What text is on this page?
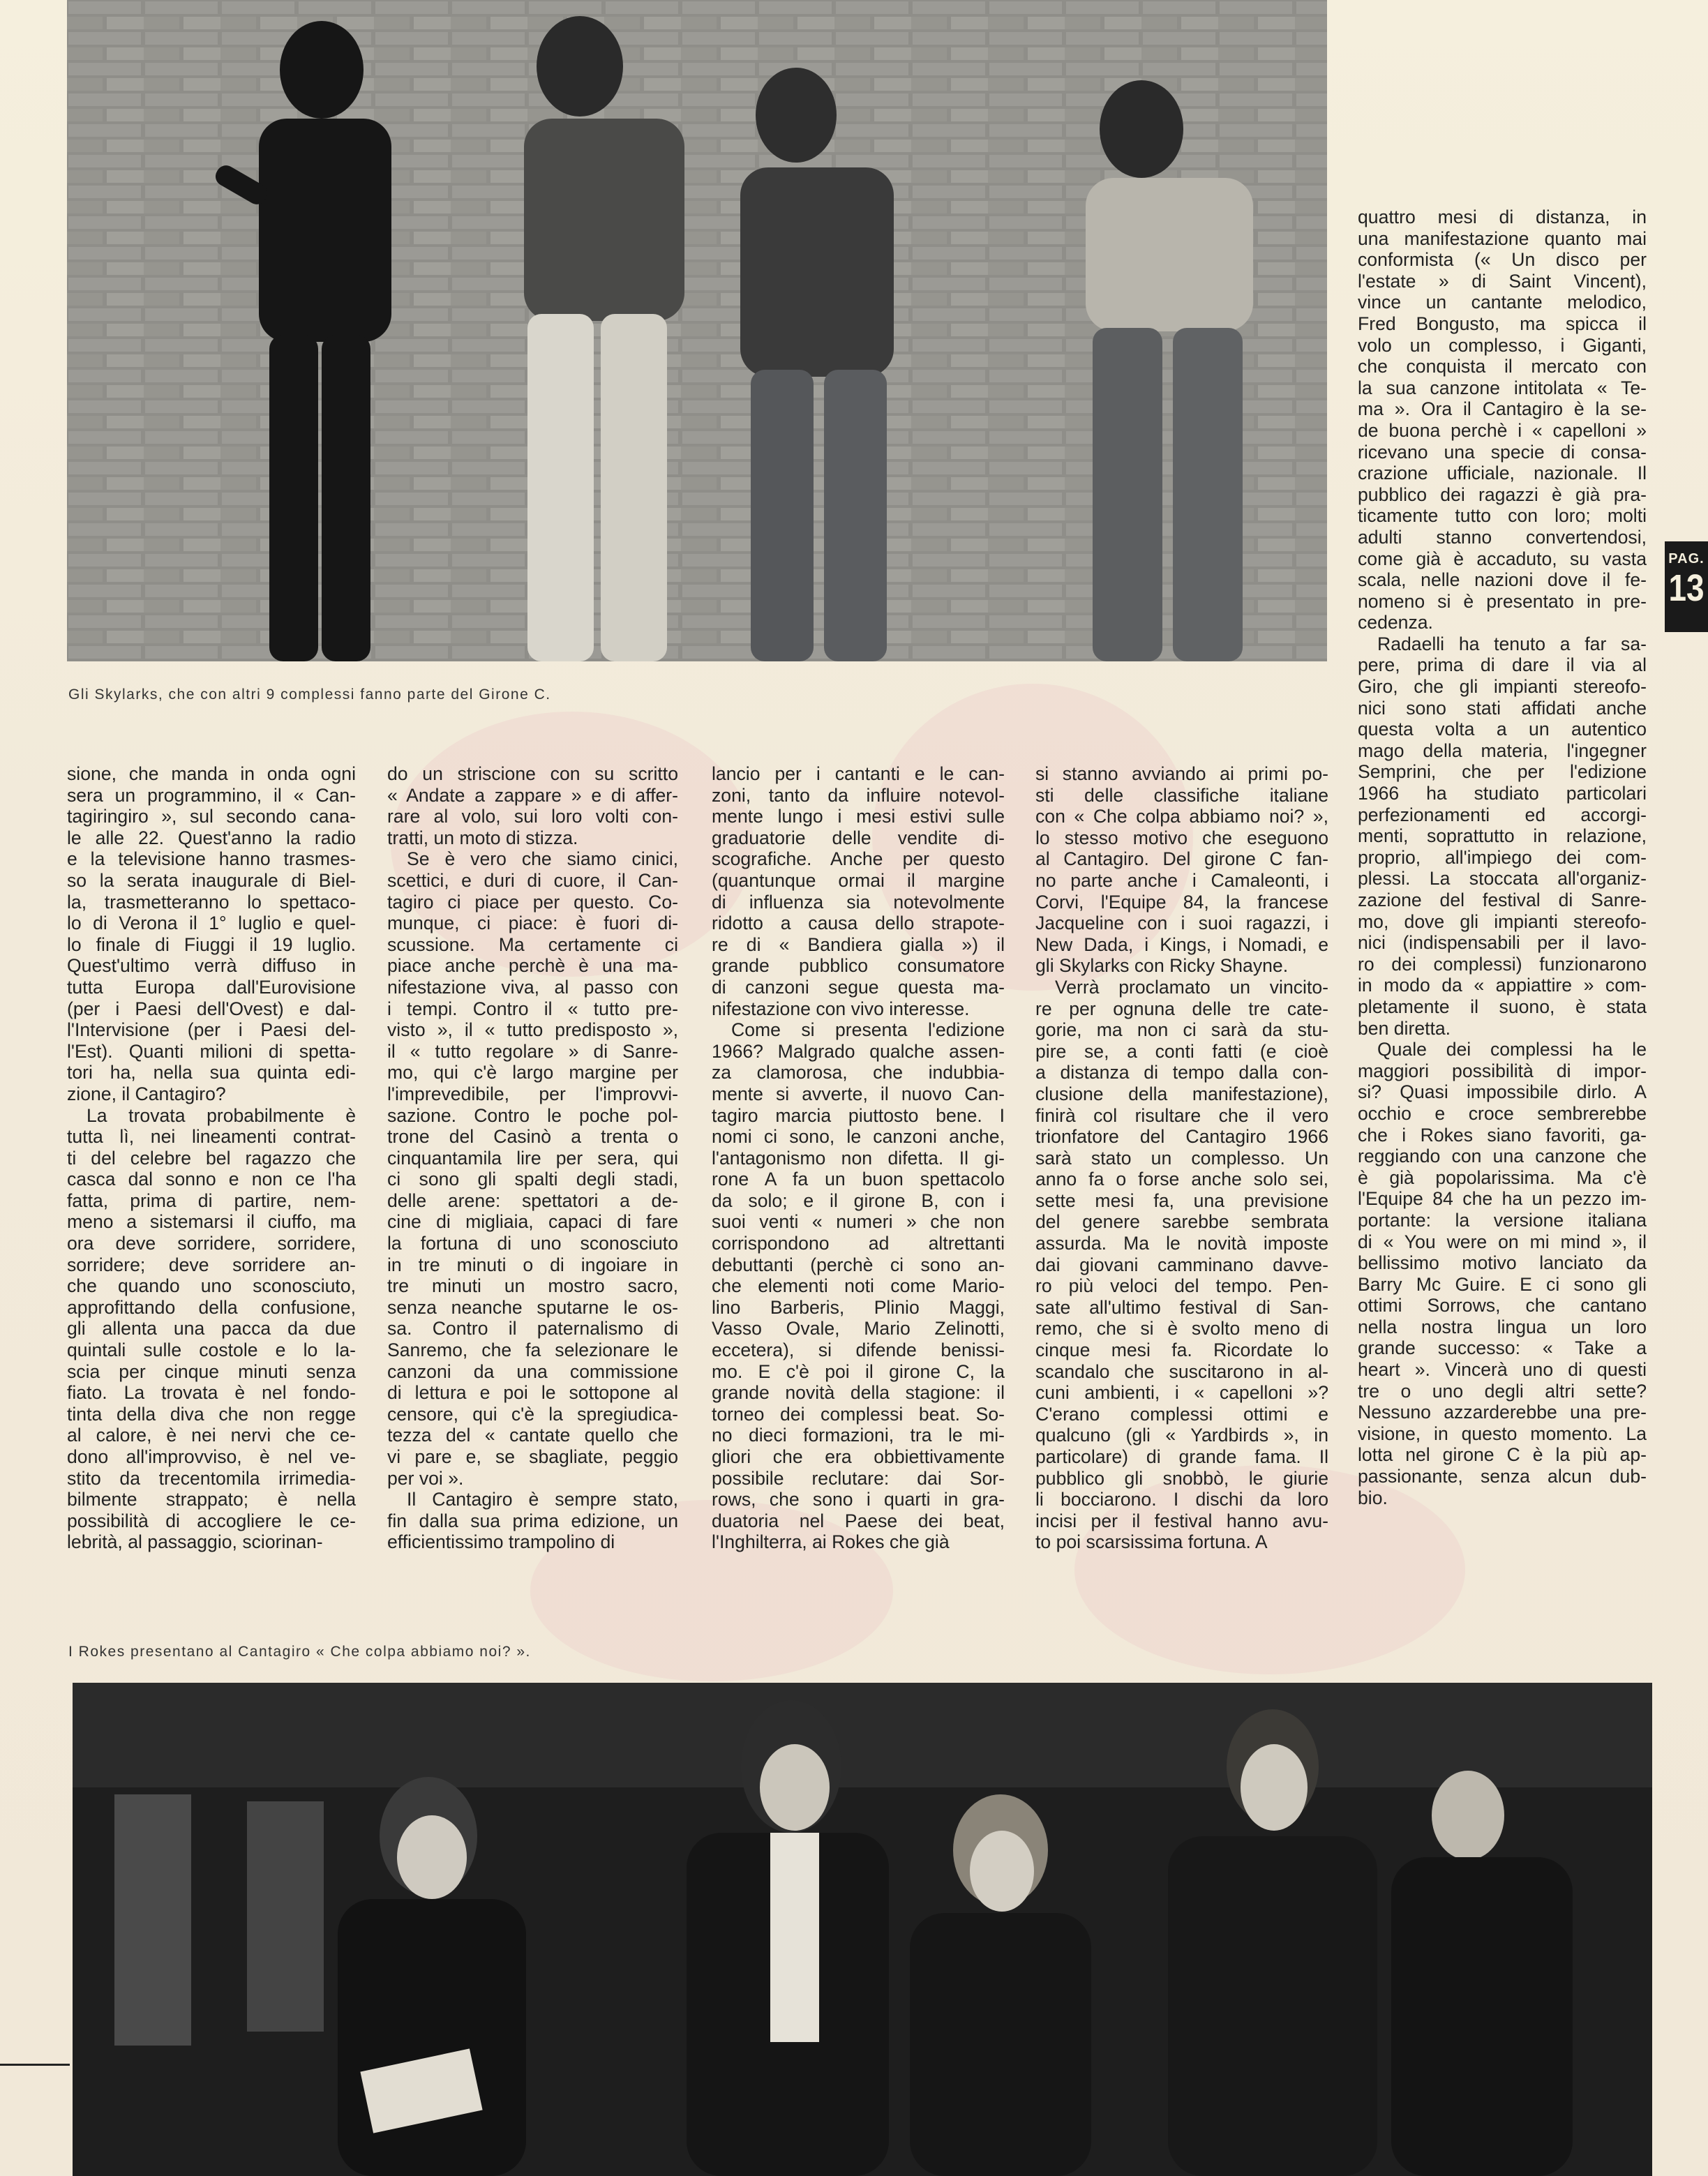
Gli Skylarks, che con altri 9 complessi fanno parte del Girone C.
sione, che manda in onda ogni
sera un programmino, il « Can-
tagiringiro », sul secondo cana-
le alle 22. Quest'anno la radio
e la televisione hanno trasmes-
so la serata inaugurale di Biel-
la, trasmetteranno lo spettaco-
lo di Verona il 1° luglio e quel-
lo finale di Fiuggi il 19 luglio.
Quest'ultimo verrà diffuso in
tutta Europa dall'Eurovisione
(per i Paesi dell'Ovest) e dal-
l'Intervisione (per i Paesi del-
l'Est). Quanti milioni di spetta-
tori ha, nella sua quinta edi-
zione, il Cantagiro?
La trovata probabilmente è
tutta lì, nei lineamenti contrat-
ti del celebre bel ragazzo che
casca dal sonno e non ce l'ha
fatta, prima di partire, nem-
meno a sistemarsi il ciuffo, ma
ora deve sorridere, sorridere,
sorridere; deve sorridere an-
che quando uno sconosciuto,
approfittando della confusione,
gli allenta una pacca da due
quintali sulle costole e lo la-
scia per cinque minuti senza
fiato. La trovata è nel fondo-
tinta della diva che non regge
al calore, è nei nervi che ce-
dono all'improvviso, è nel ve-
stito da trecentomila irrimedia-
bilmente strappato; è nella
possibilità di accogliere le ce-
lebrità, al passaggio, sciorinan-
do un striscione con su scritto
« Andate a zappare » e di affer-
rare al volo, sui loro volti con-
tratti, un moto di stizza.
Se è vero che siamo cinici,
scettici, e duri di cuore, il Can-
tagiro ci piace per questo. Co-
munque, ci piace: è fuori di-
scussione. Ma certamente ci
piace anche perchè è una ma-
nifestazione viva, al passo con
i tempi. Contro il « tutto pre-
visto », il « tutto predisposto »,
il « tutto regolare » di Sanre-
mo, qui c'è largo margine per
l'imprevedibile, per l'improvvi-
sazione. Contro le poche pol-
trone del Casinò a trenta o
cinquantamila lire per sera, qui
ci sono gli spalti degli stadi,
delle arene: spettatori a de-
cine di migliaia, capaci di fare
la fortuna di uno sconosciuto
in tre minuti o di ingoiare in
tre minuti un mostro sacro,
senza neanche sputarne le os-
sa. Contro il paternalismo di
Sanremo, che fa selezionare le
canzoni da una commissione
di lettura e poi le sottopone al
censore, qui c'è la spregiudica-
tezza del « cantate quello che
vi pare e, se sbagliate, peggio
per voi ».
Il Cantagiro è sempre stato,
fin dalla sua prima edizione, un
efficientissimo trampolino di
lancio per i cantanti e le can-
zoni, tanto da influire notevol-
mente lungo i mesi estivi sulle
graduatorie delle vendite di-
scografiche. Anche per questo
(quantunque ormai il margine
di influenza sia notevolmente
ridotto a causa dello strapote-
re di « Bandiera gialla ») il
grande pubblico consumatore
di canzoni segue questa ma-
nifestazione con vivo interesse.
Come si presenta l'edizione
1966? Malgrado qualche assen-
za clamorosa, che indubbia-
mente si avverte, il nuovo Can-
tagiro marcia piuttosto bene. I
nomi ci sono, le canzoni anche,
l'antagonismo non difetta. Il gi-
rone A fa un buon spettacolo
da solo; e il girone B, con i
suoi venti « numeri » che non
corrispondono ad altrettanti
debuttanti (perchè ci sono an-
che elementi noti come Mario-
lino Barberis, Plinio Maggi,
Vasso Ovale, Mario Zelinotti,
eccetera), si difende benissi-
mo. E c'è poi il girone C, la
grande novità della stagione: il
torneo dei complessi beat. So-
no dieci formazioni, tra le mi-
gliori che era obbiettivamente
possibile reclutare: dai Sor-
rows, che sono i quarti in gra-
duatoria nel Paese dei beat,
l'Inghilterra, ai Rokes che già
si stanno avviando ai primi po-
sti delle classifiche italiane
con « Che colpa abbiamo noi? »,
lo stesso motivo che eseguono
al Cantagiro. Del girone C fan-
no parte anche i Camaleonti, i
Corvi, l'Equipe 84, la francese
Jacqueline con i suoi ragazzi, i
New Dada, i Kings, i Nomadi, e
gli Skylarks con Ricky Shayne.
Verrà proclamato un vincito-
re per ognuna delle tre cate-
gorie, ma non ci sarà da stu-
pire se, a conti fatti (e cioè
a distanza di tempo dalla con-
clusione della manifestazione),
finirà col risultare che il vero
trionfatore del Cantagiro 1966
sarà stato un complesso. Un
anno fa o forse anche solo sei,
sette mesi fa, una previsione
del genere sarebbe sembrata
assurda. Ma le novità imposte
dai giovani camminano davve-
ro più veloci del tempo. Pen-
sate all'ultimo festival di San-
remo, che si è svolto meno di
cinque mesi fa. Ricordate lo
scandalo che suscitarono in al-
cuni ambienti, i « capelloni »?
C'erano complessi ottimi e
qualcuno (gli « Yardbirds », in
particolare) di grande fama. Il
pubblico gli snobbò, le giurie
li bocciarono. I dischi da loro
incisi per il festival hanno avu-
to poi scarsissima fortuna. A
quattro mesi di distanza, in
una manifestazione quanto mai
conformista (« Un disco per
l'estate » di Saint Vincent),
vince un cantante melodico,
Fred Bongusto, ma spicca il
volo un complesso, i Giganti,
che conquista il mercato con
la sua canzone intitolata « Te-
ma ». Ora il Cantagiro è la se-
de buona perchè i « capelloni »
ricevano una specie di consa-
crazione ufficiale, nazionale. Il
pubblico dei ragazzi è già pra-
ticamente tutto con loro; molti
adulti stanno convertendosi,
come già è accaduto, su vasta
scala, nelle nazioni dove il fe-
nomeno si è presentato in pre-
cedenza.
Radaelli ha tenuto a far sa-
pere, prima di dare il via al
Giro, che gli impianti stereofo-
nici sono stati affidati anche
questa volta a un autentico
mago della materia, l'ingegner
Semprini, che per l'edizione
1966 ha studiato particolari
perfezionamenti ed accorgi-
menti, soprattutto in relazione,
proprio, all'impiego dei com-
plessi. La stoccata all'organiz-
zazione del festival di Sanre-
mo, dove gli impianti stereofo-
nici (indispensabili per il lavo-
ro dei complessi) funzionarono
in modo da « appiattire » com-
pletamente il suono, è stata
ben diretta.
Quale dei complessi ha le
maggiori possibilità di impor-
si? Quasi impossibile dirlo. A
occhio e croce sembrerebbe
che i Rokes siano favoriti, ga-
reggiando con una canzone che
è già popolarissima. Ma c'è
l'Equipe 84 che ha un pezzo im-
portante: la versione italiana
di « You were on mi mind », il
bellissimo motivo lanciato da
Barry Mc Guire. E ci sono gli
ottimi Sorrows, che cantano
nella nostra lingua un loro
grande successo: « Take a
heart ». Vincerà uno di questi
tre o uno degli altri sette?
Nessuno azzarderebbe una pre-
visione, in questo momento. La
lotta nel girone C è la più ap-
passionante, senza alcun dub-
bio.
PAG.
13
I Rokes presentano al Cantagiro « Che colpa abbiamo noi? ».
